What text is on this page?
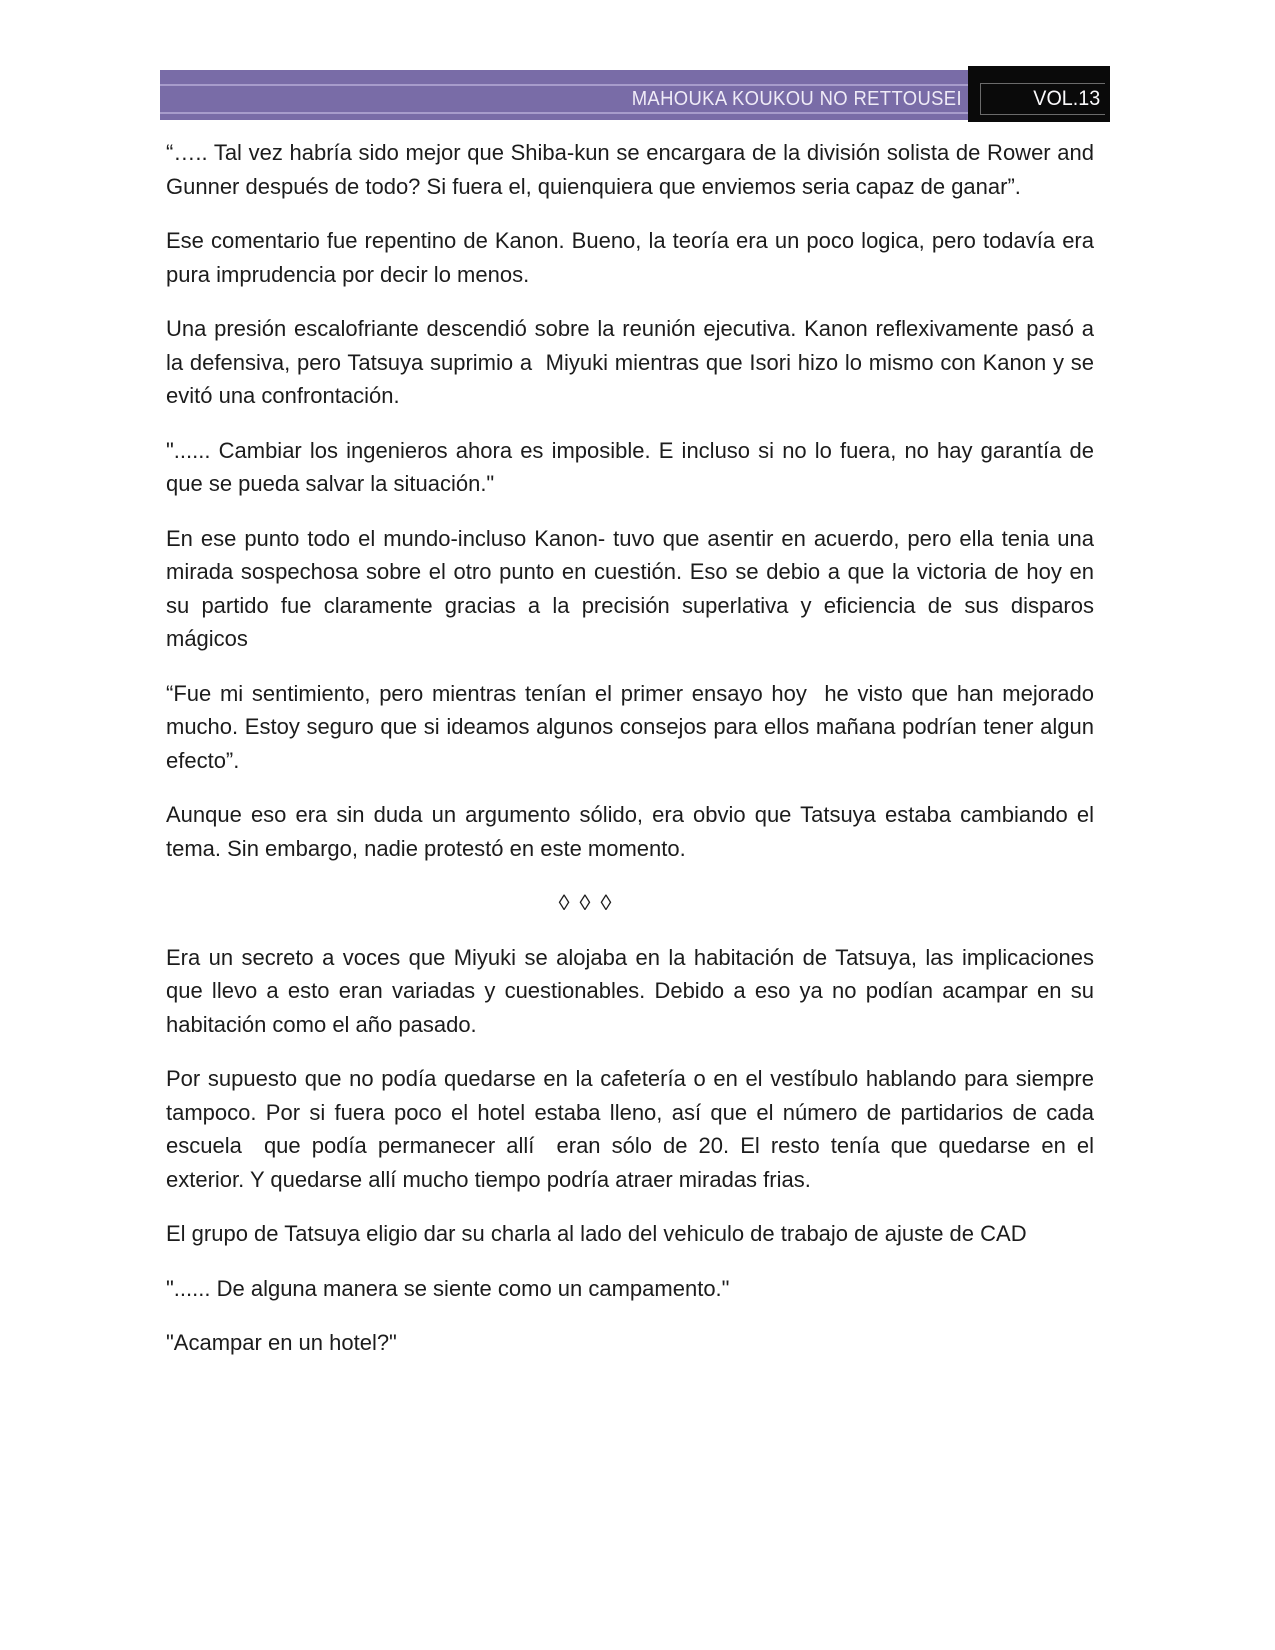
MAHOUKA KOUKOU NO RETTOUSEI	VOL.13

“….. Tal vez habría sido mejor que Shiba-kun se encargara de la división solista de Rower and Gunner después de todo? Si fuera el, quienquiera que enviemos seria capaz de ganar”.

Ese comentario fue repentino de Kanon. Bueno, la teoría era un poco logica, pero todavía era pura imprudencia por decir lo menos.

Una presión escalofriante descendió sobre la reunión ejecutiva. Kanon reflexivamente pasó a la defensiva, pero Tatsuya suprimio a  Miyuki mientras que Isori hizo lo mismo con Kanon y se evitó una confrontación.

"...... Cambiar los ingenieros ahora es imposible. E incluso si no lo fuera, no hay garantía de que se pueda salvar la situación."

En ese punto todo el mundo-incluso Kanon- tuvo que asentir en acuerdo, pero ella tenia una mirada sospechosa sobre el otro punto en cuestión. Eso se debio a que la victoria de hoy en su partido fue claramente gracias a la precisión superlativa y eficiencia de sus disparos mágicos

“Fue mi sentimiento, pero mientras tenían el primer ensayo hoy  he visto que han mejorado mucho. Estoy seguro que si ideamos algunos consejos para ellos mañana podrían tener algun efecto”.

Aunque eso era sin duda un argumento sólido, era obvio que Tatsuya estaba cambiando el tema. Sin embargo, nadie protestó en este momento.

◊ ◊ ◊

Era un secreto a voces que Miyuki se alojaba en la habitación de Tatsuya, las implicaciones que llevo a esto eran variadas y cuestionables. Debido a eso ya no podían acampar en su habitación como el año pasado.

Por supuesto que no podía quedarse en la cafetería o en el vestíbulo hablando para siempre tampoco. Por si fuera poco el hotel estaba lleno, así que el número de partidarios de cada escuela  que podía permanecer allí  eran sólo de 20. El resto tenía que quedarse en el exterior. Y quedarse allí mucho tiempo podría atraer miradas frias.

El grupo de Tatsuya eligio dar su charla al lado del vehiculo de trabajo de ajuste de CAD

"...... De alguna manera se siente como un campamento."

"Acampar en un hotel?"
